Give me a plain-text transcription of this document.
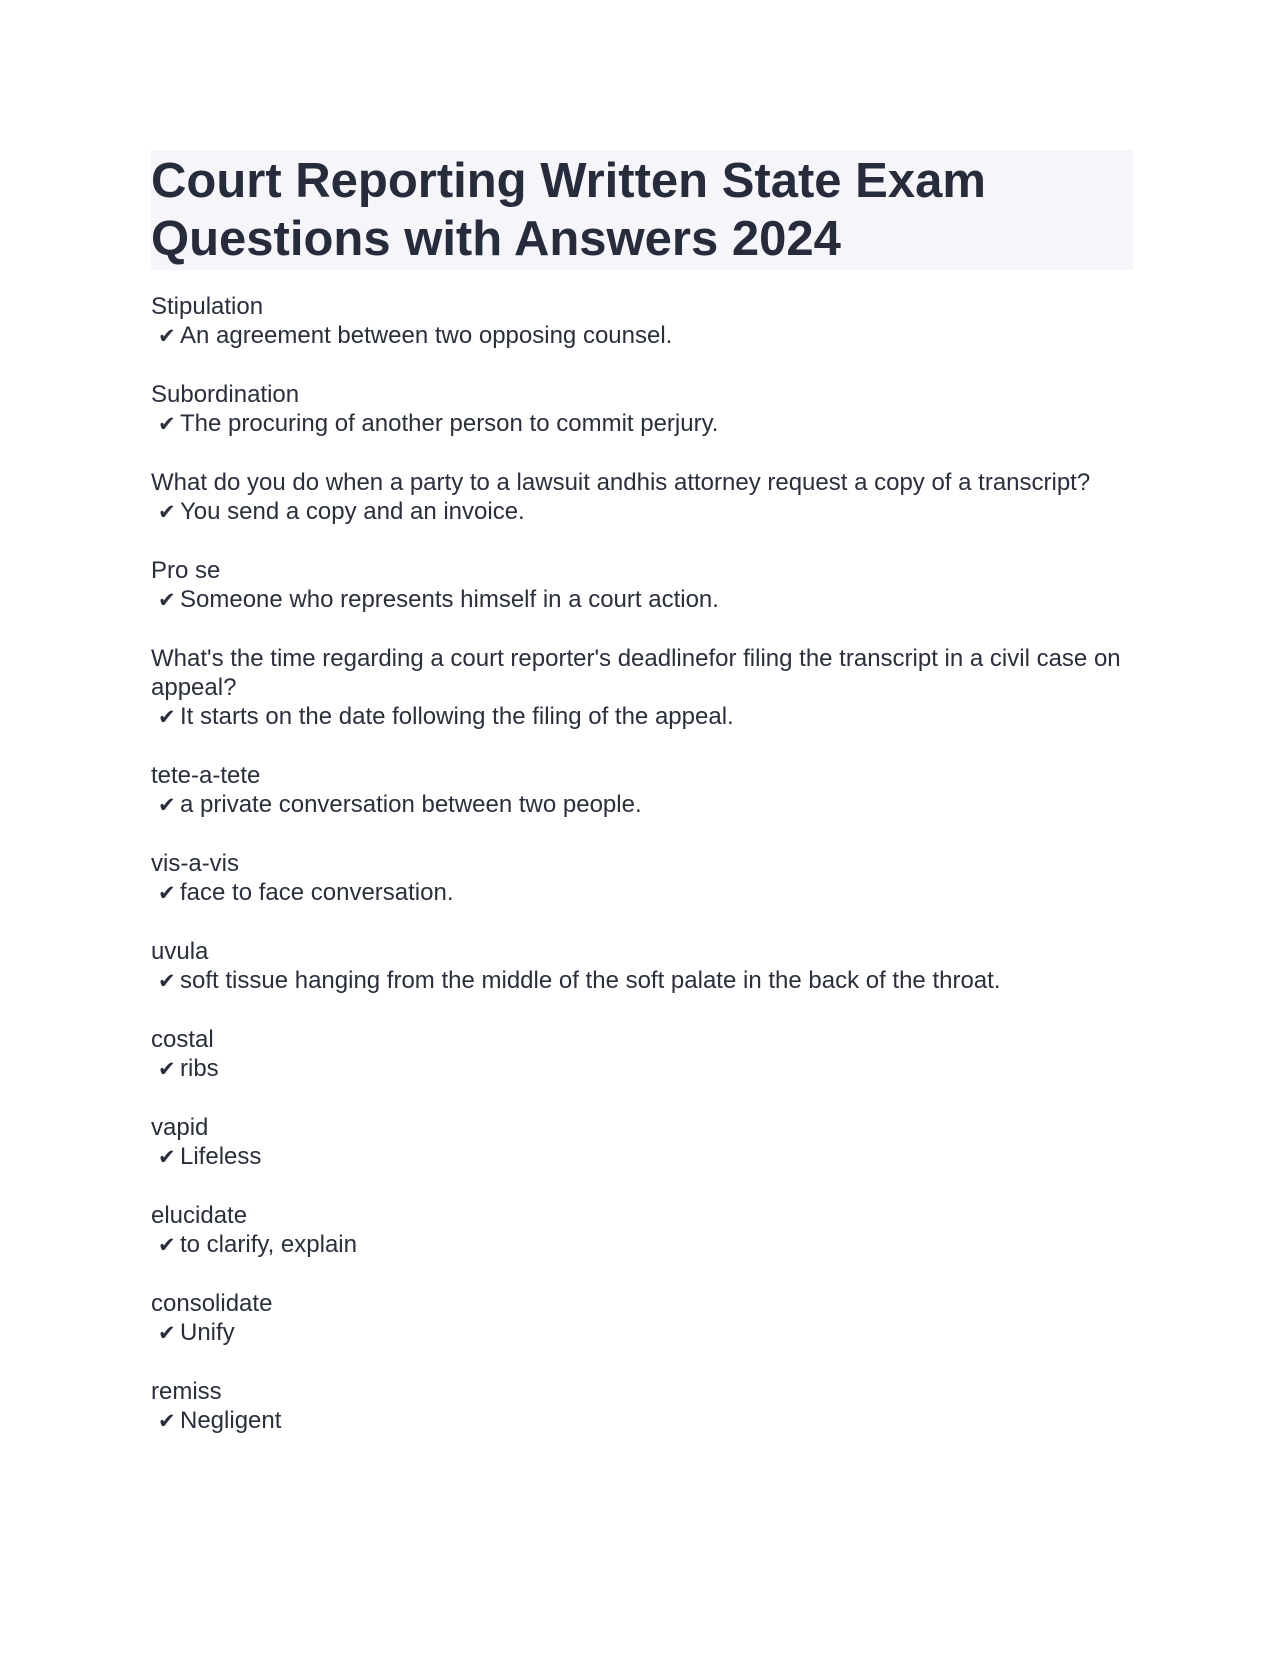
Court Reporting Written State Exam Questions with Answers 2024
Stipulation
✔ An agreement between two opposing counsel.
Subordination
✔ The procuring of another person to commit perjury.
What do you do when a party to a lawsuit andhis attorney request a copy of a transcript?
✔ You send a copy and an invoice.
Pro se
✔ Someone who represents himself in a court action.
What's the time regarding a court reporter's deadlinefor filing the transcript in a civil case on appeal?
✔ It starts on the date following the filing of the appeal.
tete-a-tete
✔ a private conversation between two people.
vis-a-vis
✔ face to face conversation.
uvula
✔ soft tissue hanging from the middle of the soft palate in the back of the throat.
costal
✔ ribs
vapid
✔ Lifeless
elucidate
✔ to clarify, explain
consolidate
✔ Unify
remiss
✔ Negligent
